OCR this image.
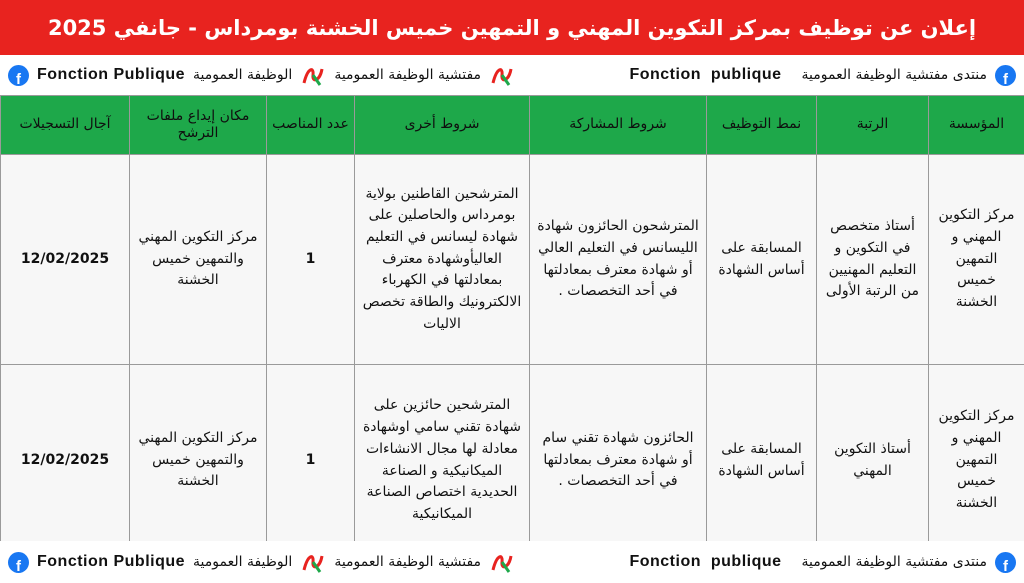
إعلان عن توظيف بمركز التكوين المهني و التمهين خميس الخشنة بومرداس - جانفي 2025
f Fonction Publique الوظيفة العمومية	مفتشية الوظيفة العمومية	Fonction  publique منتدى مفتشية الوظيفة العمومية f
المؤسسة	الرتبة	نمط التوظيف	شروط المشاركة	شروط أخرى	عدد المناصب	مكان إيداع ملفات الترشح	آجال التسجيلات
مركز التكوين المهني و التمهين خميس الخشنة	أستاذ متخصص في التكوين و التعليم المهنيين من الرتبة الأولى	المسابقة على أساس الشهادة	المترشحون الحائزون شهادة الليسانس في التعليم العالي أو شهادة معترف بمعادلتها في أحد التخصصات .	المترشحين القاطنين بولاية بومرداس والحاصلين على شهادة ليسانس في التعليم العاليأوشهادة معترف بمعادلتها في الكهرباء الالكترونيك والطاقة تخصص الاليات	1	مركز التكوين المهني والتمهين خميس الخشنة	12/02/2025
مركز التكوين المهني و التمهين خميس الخشنة	أستاذ التكوين المهني	المسابقة على أساس الشهادة	الحائزون شهادة تقني سام أو شهادة معترف بمعادلتها في أحد التخصصات .	المترشحين حائزين على شهادة تقني سامي اوشهادة معادلة لها مجال الانشاءات الميكانيكية و الصناعة الحديدية اختصاص الصناعة الميكانيكية	1	مركز التكوين المهني والتمهين خميس الخشنة	12/02/2025
f Fonction Publique الوظيفة العمومية	مفتشية الوظيفة العمومية	Fonction  publique منتدى مفتشية الوظيفة العمومية f
